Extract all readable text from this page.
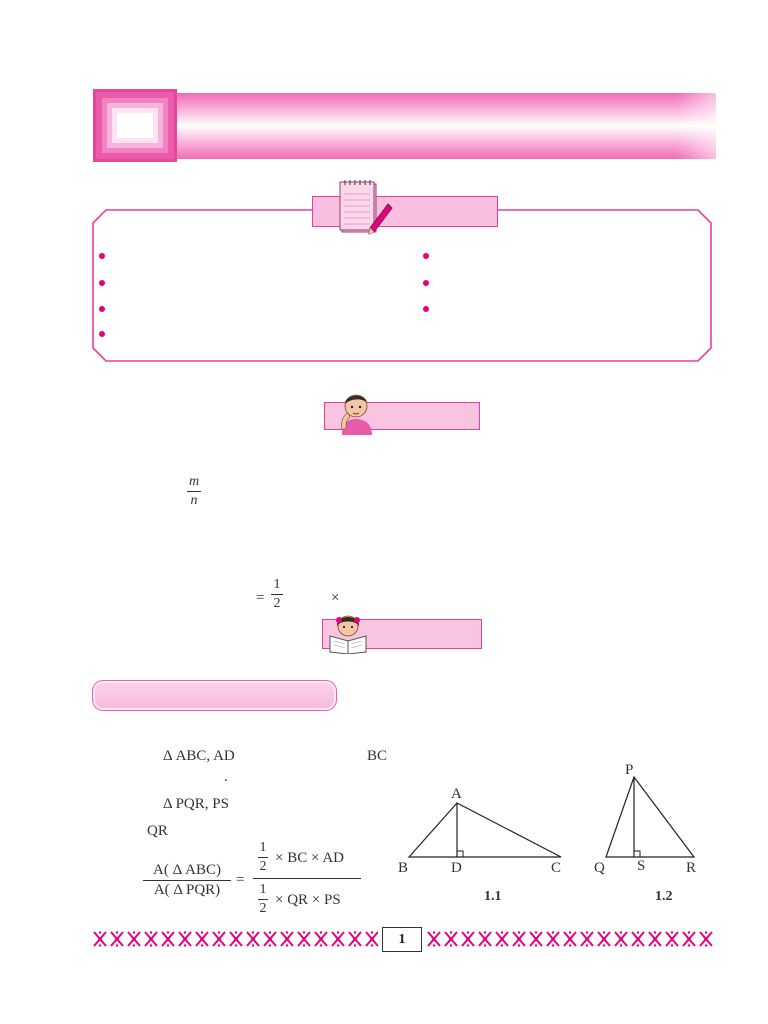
m
n
=
1
2	×
Δ ABC, AD	BC
.
Δ PQR, PS
QR
A( Δ ABC)
A( Δ PQR)
=
1
2
× BC × AD
1
2
× QR × PS
A
B	D	C
1.1
P
Q S	R
1.2
1
